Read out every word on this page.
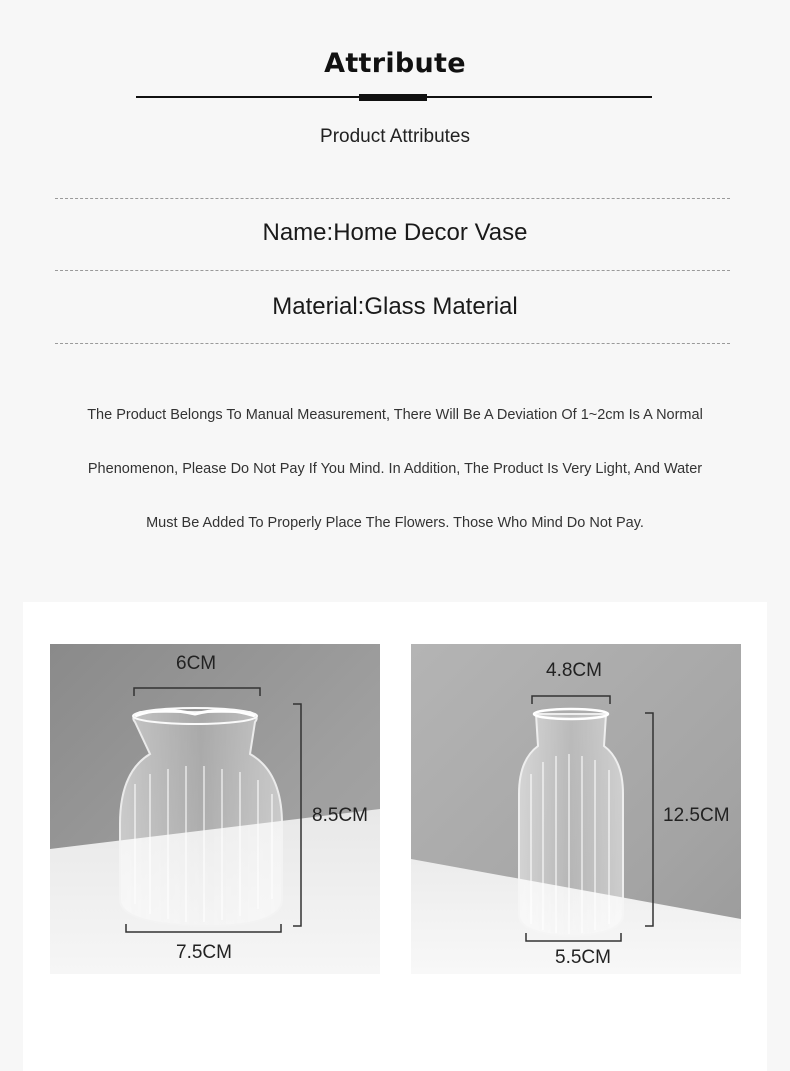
Attribute
Product Attributes
Name:Home Decor Vase
Material:Glass Material
The Product Belongs To Manual Measurement, There Will Be A Deviation Of 1~2cm Is A Normal
Phenomenon, Please Do Not Pay If You Mind. In Addition, The Product Is Very Light, And Water
Must Be Added To Properly Place The Flowers. Those Who Mind Do Not Pay.
6CM
8.5CM
7.5CM
4.8CM
12.5CM
5.5CM
